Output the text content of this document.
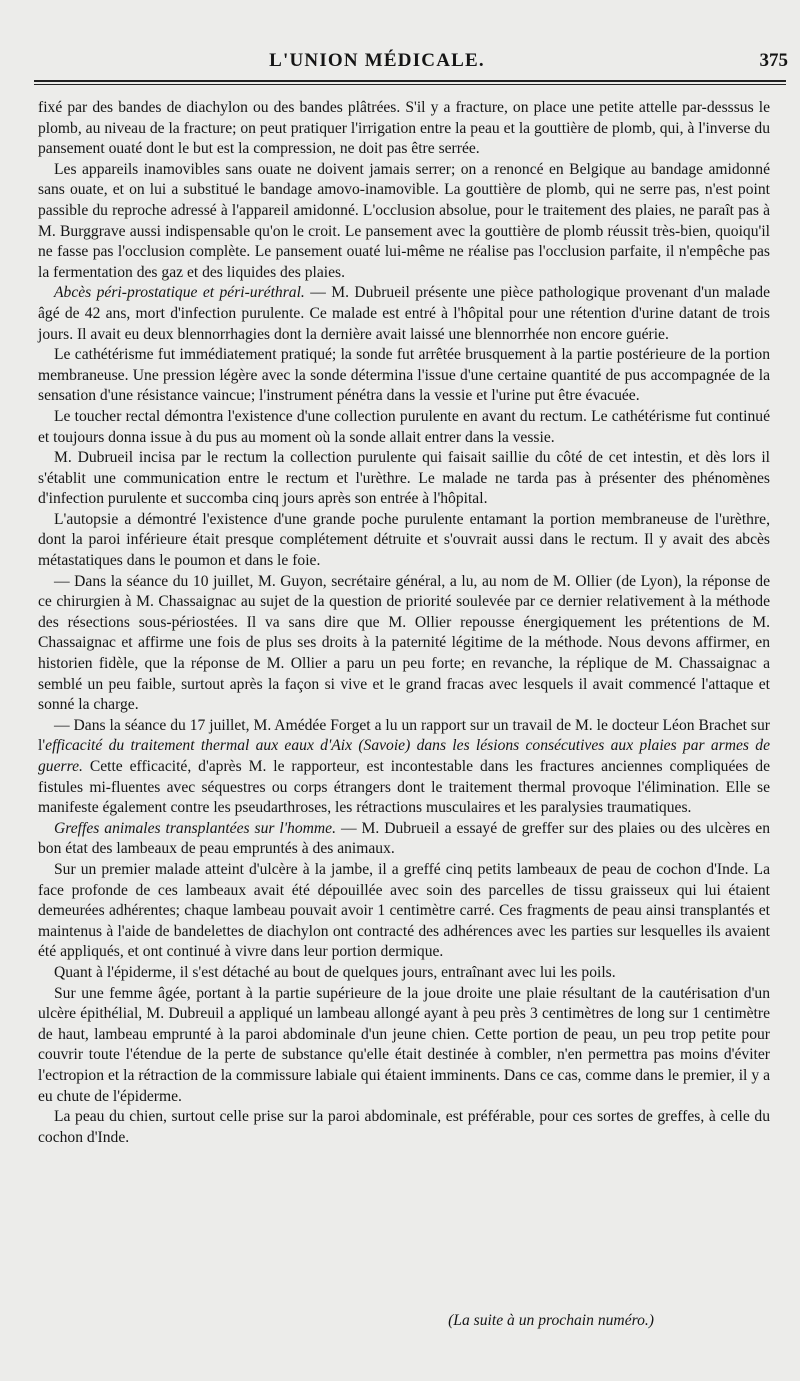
L'UNION MÉDICALE.	375

fixé par des bandes de diachylon ou des bandes plâtrées. S'il y a fracture, on place une petite attelle par-desssus le plomb, au niveau de la fracture; on peut pratiquer l'irrigation entre la peau et la gouttière de plomb, qui, à l'inverse du pansement ouaté dont le but est la compression, ne doit pas être serrée.

Les appareils inamovibles sans ouate ne doivent jamais serrer; on a renoncé en Belgique au bandage amidonné sans ouate, et on lui a substitué le bandage amovo-inamovible. La gouttière de plomb, qui ne serre pas, n'est point passible du reproche adressé à l'appareil amidonné. L'occlusion absolue, pour le traitement des plaies, ne paraît pas à M. Burggrave aussi indispensable qu'on le croit. Le pansement avec la gouttière de plomb réussit très-bien, quoiqu'il ne fasse pas l'occlusion complète. Le pansement ouaté lui-même ne réalise pas l'occlusion parfaite, il n'empêche pas la fermentation des gaz et des liquides des plaies.

Abcès péri-prostatique et péri-uréthral. — M. Dubrueil présente une pièce pathologique provenant d'un malade âgé de 42 ans, mort d'infection purulente. Ce malade est entré à l'hôpital pour une rétention d'urine datant de trois jours. Il avait eu deux blennorrhagies dont la dernière avait laissé une blennorrhée non encore guérie.

Le cathétérisme fut immédiatement pratiqué; la sonde fut arrêtée brusquement à la partie postérieure de la portion membraneuse. Une pression légère avec la sonde détermina l'issue d'une certaine quantité de pus accompagnée de la sensation d'une résistance vaincue; l'instrument pénétra dans la vessie et l'urine put être évacuée.

Le toucher rectal démontra l'existence d'une collection purulente en avant du rectum. Le cathétérisme fut continué et toujours donna issue à du pus au moment où la sonde allait entrer dans la vessie.

M. Dubrueil incisa par le rectum la collection purulente qui faisait saillie du côté de cet intestin, et dès lors il s'établit une communication entre le rectum et l'urèthre. Le malade ne tarda pas à présenter des phénomènes d'infection purulente et succomba cinq jours après son entrée à l'hôpital.

L'autopsie a démontré l'existence d'une grande poche purulente entamant la portion membraneuse de l'urèthre, dont la paroi inférieure était presque complétement détruite et s'ouvrait aussi dans le rectum. Il y avait des abcès métastatiques dans le poumon et dans le foie.

— Dans la séance du 10 juillet, M. Guyon, secrétaire général, a lu, au nom de M. Ollier (de Lyon), la réponse de ce chirurgien à M. Chassaignac au sujet de la question de priorité soulevée par ce dernier relativement à la méthode des résections sous-périostées. Il va sans dire que M. Ollier repousse énergiquement les prétentions de M. Chassaignac et affirme une fois de plus ses droits à la paternité légitime de la méthode. Nous devons affirmer, en historien fidèle, que la réponse de M. Ollier a paru un peu forte; en revanche, la réplique de M. Chassaignac a semblé un peu faible, surtout après la façon si vive et le grand fracas avec lesquels il avait commencé l'attaque et sonné la charge.

— Dans la séance du 17 juillet, M. Amédée Forget a lu un rapport sur un travail de M. le docteur Léon Brachet sur l'efficacité du traitement thermal aux eaux d'Aix (Savoie) dans les lésions consécutives aux plaies par armes de guerre. Cette efficacité, d'après M. le rapporteur, est incontestable dans les fractures anciennes compliquées de fistules mi-fluentes avec séquestres ou corps étrangers dont le traitement thermal provoque l'élimination. Elle se manifeste également contre les pseudarthroses, les rétractions musculaires et les paralysies traumatiques.

Greffes animales transplantées sur l'homme. — M. Dubrueil a essayé de greffer sur des plaies ou des ulcères en bon état des lambeaux de peau empruntés à des animaux.

Sur un premier malade atteint d'ulcère à la jambe, il a greffé cinq petits lambeaux de peau de cochon d'Inde. La face profonde de ces lambeaux avait été dépouillée avec soin des parcelles de tissu graisseux qui lui étaient demeurées adhérentes; chaque lambeau pouvait avoir 1 centimètre carré. Ces fragments de peau ainsi transplantés et maintenus à l'aide de bandelettes de diachylon ont contracté des adhérences avec les parties sur lesquelles ils avaient été appliqués, et ont continué à vivre dans leur portion dermique.

Quant à l'épiderme, il s'est détaché au bout de quelques jours, entraînant avec lui les poils.

Sur une femme âgée, portant à la partie supérieure de la joue droite une plaie résultant de la cautérisation d'un ulcère épithélial, M. Dubreuil a appliqué un lambeau allongé ayant à peu près 3 centimètres de long sur 1 centimètre de haut, lambeau emprunté à la paroi abdominale d'un jeune chien. Cette portion de peau, un peu trop petite pour couvrir toute l'étendue de la perte de substance qu'elle était destinée à combler, n'en permettra pas moins d'éviter l'ectropion et la rétraction de la commissure labiale qui étaient imminents. Dans ce cas, comme dans le premier, il y a eu chute de l'épiderme.

La peau du chien, surtout celle prise sur la paroi abdominale, est préférable, pour ces sortes de greffes, à celle du cochon d'Inde.

(La suite à un prochain numéro.)
